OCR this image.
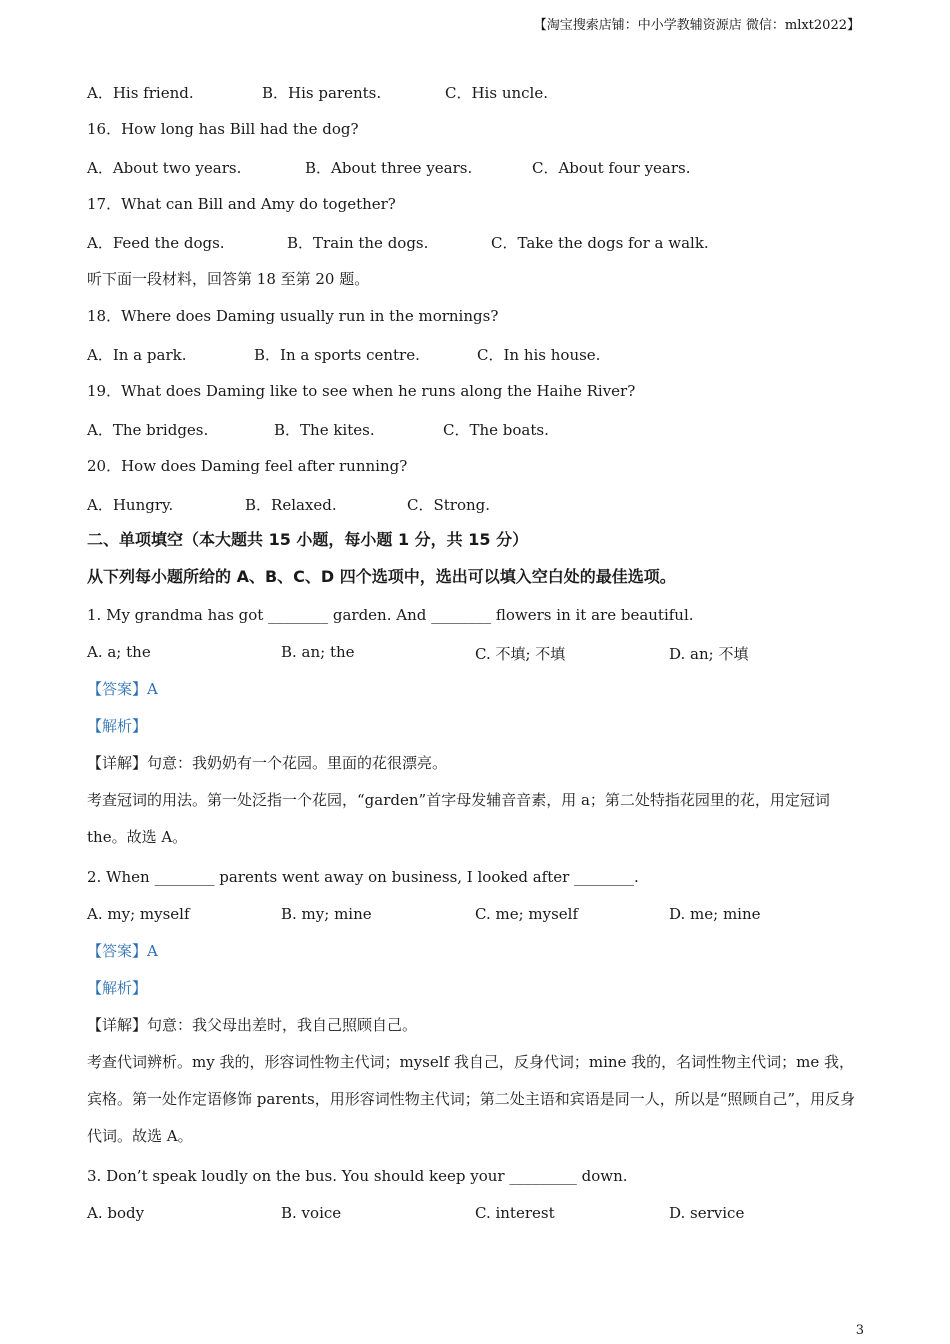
【淘宝搜索店铺：中小学教辅资源店 微信：mlxt2022】
A．His friend.	B．His parents.	C．His uncle.
16．How long has Bill had the dog?
A．About two years.	B．About three years.	C．About four years.
17．What can Bill and Amy do together?
A．Feed the dogs.	B．Train the dogs.	C．Take the dogs for a walk.
听下面一段材料，回答第 18 至第 20 题。
18．Where does Daming usually run in the mornings?
A．In a park.	B．In a sports centre.	C．In his house.
19．What does Daming like to see when he runs along the Haihe River?
A．The bridges.	B．The kites.	C．The boats.
20．How does Daming feel after running?
A．Hungry.	B．Relaxed.	C．Strong.
二、单项填空（本大题共 15 小题，每小题 1 分，共 15 分）
从下列每小题所给的 A、B、C、D 四个选项中，选出可以填入空白处的最佳选项。
1. My grandma has got ________ garden. And ________ flowers in it are beautiful.
A. a; the	B. an; the	C. 不填; 不填	D. an; 不填
【答案】A
【解析】
【详解】句意：我奶奶有一个花园。里面的花很漂亮。
考查冠词的用法。第一处泛指一个花园，“garden”首字母发辅音音素，用 a；第二处特指花园里的花，用定冠词 the。故选 A。
2. When ________ parents went away on business, I looked after ________.
A. my; myself	B. my; mine	C. me; myself	D. me; mine
【答案】A
【解析】
【详解】句意：我父母出差时，我自己照顾自己。
考查代词辨析。my 我的，形容词性物主代词；myself 我自己，反身代词；mine 我的，名词性物主代词；me 我，宾格。第一处作定语修饰 parents，用形容词性物主代词；第二处主语和宾语是同一人，所以是“照顾自己”，用反身代词。故选 A。
3. Don’t speak loudly on the bus. You should keep your _________ down.
A. body	B. voice	C. interest	D. service
3
